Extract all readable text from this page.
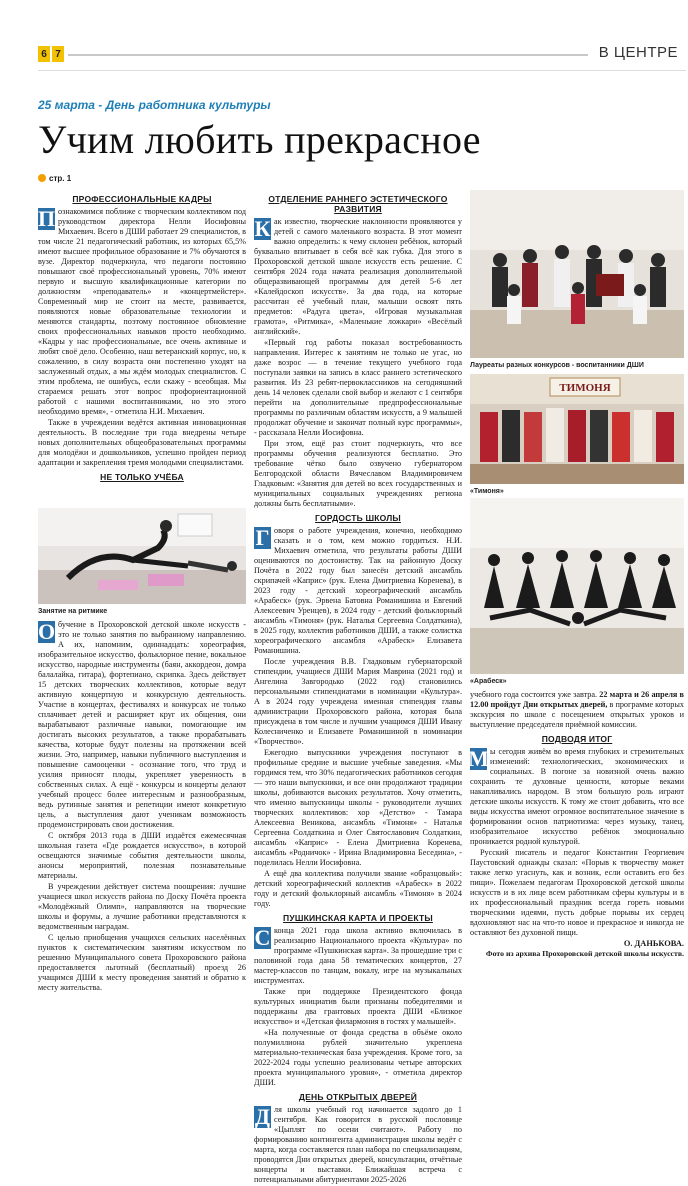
6 7	В ЦЕНТРЕ
25 марта - День работника культуры
Учим любить прекрасное
стр. 1
ПРОФЕССИОНАЛЬНЫЕ КАДРЫ

П ознакомимся поближе с творческим коллективом под руководством директора Нелли Иосифовны Михаевич. Всего в ДШИ работает 29 специалистов, в том числе 21 педагогический работник, из которых 65,5% имеют высшее профильное образование и 7% обучаются в вузе. Директор подчеркнула, что педагоги постоянно повышают своё профессиональный уровень, 70% имеют первую и высшую квалификационные категории по должностям «преподаватель» и «концертмейстер». Современный мир не стоит на месте, развивается, появляются новые образовательные технологии и меняются стандарты, поэтому постоянное обновление своих профессиональных навыков просто необходимо. «Кадры у нас профессиональные, все очень активные и любят своё дело. Особенно, наш ветеранский корпус, но, к сожалению, в силу возраста они постепенно уходят на заслуженный отдых, а мы ждём молодых специалистов. С этим проблема, не ошибусь, если скажу - всеобщая. Мы стараемся решать этот вопрос профориентационной работой с нашими воспитанниками, но это этого необходимо время», - отметила Н.И. Михаевич.

Также в учреждении ведётся активная инновационная деятельность. В последние три года внедрены четыре новых дополнительных общеобразовательных программы для молодёжи и дошкольников, успешно пройден период адаптации и закрепления тремя молодыми специалистами.

НЕ ТОЛЬКО УЧЁБА
Занятие на ритмике

О бучение в Прохоровской детской школе искусств - это не только занятия по выбранному направлению. А их, напомним, одиннадцать: хореография, изобразительное искусство, фольклорное пение, вокальное искусство, народные инструменты (баян, аккордеон, домра балалайка, гитара), фортепиано, скрипка. Здесь действует 15 детских творческих коллективов, которые ведут активную концертную и конкурсную деятельность. Участие в концертах, фестивалях и конкурсах не только сплачивает детей и расширяет круг их общения, они вырабатывают различные навыки, помогающие им достигать высоких результатов, а также прорабатывать качества, которые будут полезны на протяжении всей жизни. Это, например, навыки публичного выступления и повышение самооценки - осознание того, что труд и усилия приносят плоды, укрепляет уверенность в собственных силах. А ещё - конкурсы и концерты делают учебный процесс более интересным и разнообразным, ведь рутинные занятия и репетиции имеют конкретную цель, а выступления дают ученикам возможность продемонстрировать свои достижения.

С октября 2013 года в ДШИ издаётся ежемесячная школьная газета «Где рождается искусство», в которой освещаются значимые события деятельности школы, анонсы мероприятий, полезная познавательные материалы.

В учреждении действует система поощрения: лучшие учащиеся школ искусств района по Доску Почёта проекта «Молодёжный Олимп», направляются на творческие школы и форумы, а лучшие работники представляются к ведомственным наградам.

С целью приобщения учащихся сельских населённых пунктов к систематическим занятиям искусством по решению Муниципального совета Прохоровского района предоставляется льготный (бесплатный) проезд 26 учащимся ДШИ к месту проведения занятий и обратно к месту жительства.

ОТДЕЛЕНИЕ РАННЕГО ЭСТЕТИЧЕСКОГО РАЗВИТИЯ

К ак известно, творческие наклонности проявляются у детей с самого маленького возраста. В этот момент важно определить: к чему склонен ребёнок, который буквально впитывает в себя всё как губка. Для этого в Прохоровской детской школе искусств есть решение. С сентября 2024 года начата реализация дополнительной общеразвивающей программы для детей 5-6 лет «Калейдоскоп искусств». За два года, на которые рассчитан её учебный план, малыши освоят пять предметов: «Радуга цвета», «Игровая музыкальная грамота», «Ритмика», «Маленькие ложкари» «Весёлый английский».

«Первый год работы показал востребованность направления. Интерес к занятиям не только не угас, но даже возрос — в течение текущего учебного года поступали заявки на запись в класс раннего эстетического развития. Из 23 ребят-первоклассников на сегодняшний день 14 человек сделали свой выбор и желают с 1 сентября перейти на дополнительные предпрофессиональные программы по различным областям искусств, а 9 малышей продолжат обучение и закончат полный курс программы», - рассказала Нелли Иосифовна.

При этом, ещё раз стоит подчеркнуть, что все программы обучения реализуются бесплатно. Это требование чётко было озвучено губернатором Белгородской области Вячеславом Владимировичем Гладковым: «Занятия для детей во всех государственных и муниципальных социальных учреждениях региона должны быть бесплатными».

ГОРДОСТЬ ШКОЛЫ

Г оворя о работе учреждения, конечно, необходимо сказать и о том, кем можно гордиться. Н.И. Михаевич отметила, что результаты работы ДШИ оцениваются по достоинству. Так на районную Доску Почёта в 2022 году был занесён детский ансамбль скрипачей «Каприс» (рук. Елена Дмитриевна Коренева), в 2023 году - детский хореографический ансамбль «Арабеск» (рук. Эрвена Батовна Романишина и Евгений Алексеевич Уренцев), в 2024 году - детский фольклорный ансамбль «Тимоня» (рук. Наталья Сергеевна Солдаткина), в 2025 году, коллектив работников ДШИ, а также солистка хореографического ансамбля «Арабеск» Елизавета Романишина.

После учреждения В.В. Гладковым губернаторской стипендии, учащиеся ДШИ Мария Маврина (2021 год) и Ангелина Завгородько (2022 год) становились персональными стипендиатами в номинации «Культура». А в 2024 году учреждена именная стипендия главы администрации Прохоровского района, которая была присуждена в том числе и лучшим учащимся ДШИ Ивану Колесниченко и Елизавете Романишиной в номинации «Творчество».

Ежегодно выпускники учреждения поступают в профильные средние и высшие учебные заведения. «Мы гордимся тем, что 30% педагогических работников сегодня — это наши выпускники, и все они продолжают традиции школы, добиваются высоких результатов. Хочу отметить, что именно выпускницы школы - руководители лучших творческих коллективов: хор «Детство» - Тамара Алексеевна Веникова, ансамбль «Тимоня» - Наталья Сергеевна Солдаткина и Олег Святославович Солдаткин, ансамбль «Каприс» - Елена Дмитриевна Коренева, ансамбль «Родничок» - Ирина Владимировна Беседина», - поделилась Нелли Иосифовна.

А ещё два коллектива получили звание «образцовый»: детский хореографический коллектив «Арабеск» в 2022 году и детский фольклорный ансамбль «Тимоня» в 2024 году.

ПУШКИНСКАЯ КАРТА И ПРОЕКТЫ

С конца 2021 года школа активно включилась в реализацию Национального проекта «Культура» по программе «Пушкинская карта». За прошедшие три с половиной года дана 58 тематических концертов, 27 мастер-классов по танцам, вокалу, игре на музыкальных инструментах.

Также при поддержке Президентского фонда культурных инициатив были признаны победителями и поддержаны два грантовых проекта ДШИ «Близкое искусство» и «Детская филармония в гостях у малышей».

«На полученные от фонда средства в объёме около полумиллиона рублей значительно укреплена материально-техническая база учреждения. Кроме того, за 2022-2024 годы успешно реализованы четыре авторских проекта муниципального уровня», - отметила директор ДШИ.

ДЕНЬ ОТКРЫТЫХ ДВЕРЕЙ

Д ля школы учебный год начинается задолго до 1 сентября. Как говорится в русской пословице «Цыплят по осени считают». Работу по формированию контингента администрация школы ведёт с марта, когда составляется план набора по специализациям, проводятся Дни открытых дверей, консультации, отчётные концерты и выставки. Ближайшая встреча с потенциальными абитуриентами 2025-2026

Лауреаты разных конкурсов - воспитанники ДШИ
ТИМОНЯ
«Тимоня»
«Арабеск»

учебного года состоится уже завтра. 22 марта и 26 апреля в 12.00 пройдут Дни открытых дверей, в программе которых экскурсия по школе с посещением открытых уроков и выступление председателя приёмной комиссии.

ПОДВОДЯ ИТОГ

М ы сегодня живём во время глубоких и стремительных изменений: технологических, экономических и социальных. В погоне за новизной очень важно сохранить те духовные ценности, которые веками накапливались народом. В этом большую роль играют детские школы искусств. К тому же стоит добавить, что все виды искусства имеют огромное воспитательное значение в формировании основ патриотизма: через музыку, танец, изобразительное искусство ребёнок эмоционально проникается родной культурой.

Русский писатель и педагог Константин Георгиевич Паустовский однажды сказал: «Порыв к творчеству может также легко угаснуть, как и возник, если оставить его без пищи». Пожелаем педагогам Прохоровской детской школы искусств и в их лице всем работникам сферы культуры и в их профессиональный праздник всегда гореть новыми творческими идеями, пусть добрые порывы их сердец вдохновляют нас на что-то новое и прекрасное и никогда не оставляют без духовной пищи.

О. ДАНЬКОВА.
Фото из архива Прохоровской детской школы искусств.
